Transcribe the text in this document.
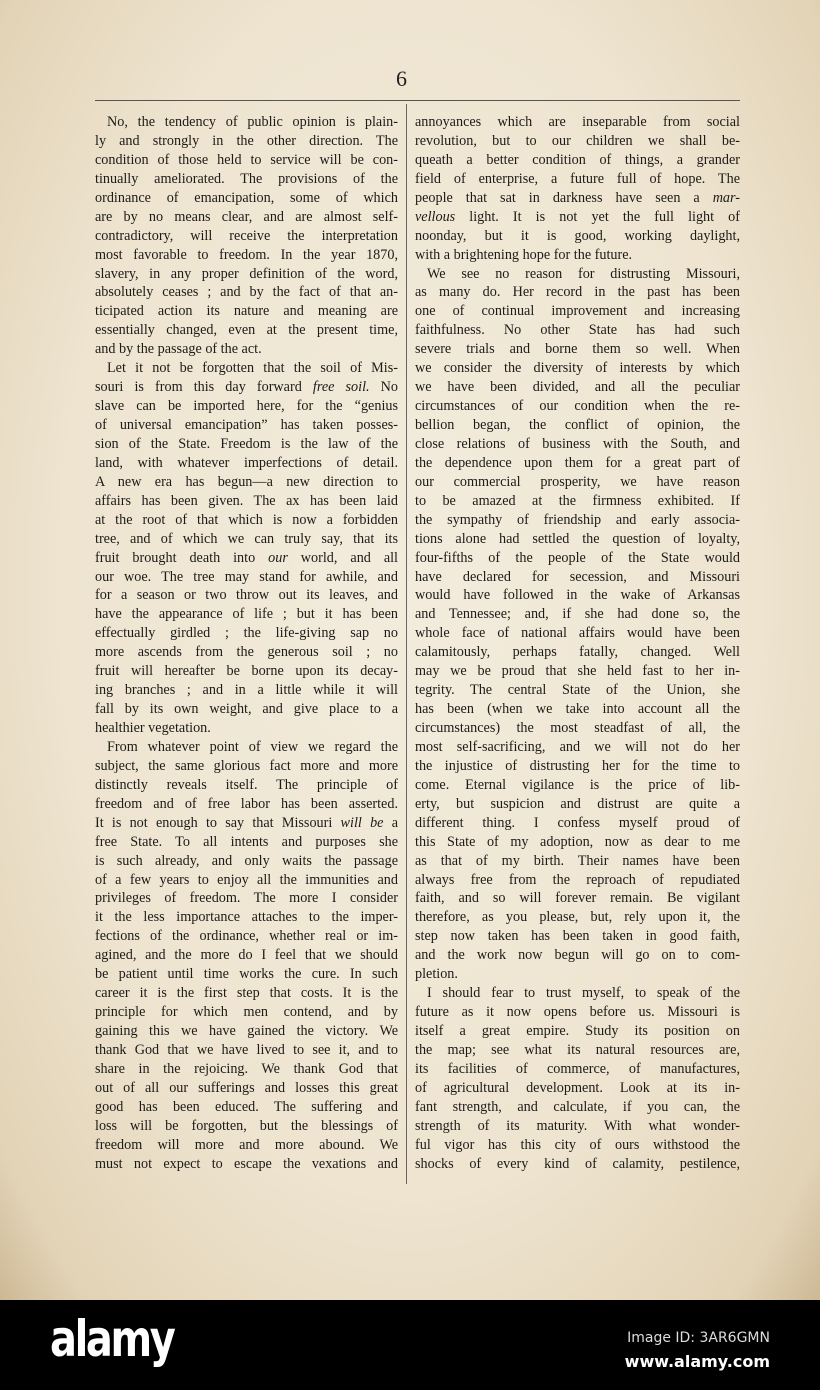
6
No, the tendency of public opinion is plain-
ly and strongly in the other direction. The
condition of those held to service will be con-
tinually ameliorated. The provisions of the
ordinance of emancipation, some of which
are by no means clear, and are almost self-
contradictory, will receive the interpretation
most favorable to freedom. In the year 1870,
slavery, in any proper definition of the word,
absolutely ceases ; and by the fact of that an-
ticipated action its nature and meaning are
essentially changed, even at the present time,
and by the passage of the act.
Let it not be forgotten that the soil of Mis-
souri is from this day forward free soil. No
slave can be imported here, for the “genius
of universal emancipation” has taken posses-
sion of the State. Freedom is the law of the
land, with whatever imperfections of detail.
A new era has begun—a new direction to
affairs has been given. The ax has been laid
at the root of that which is now a forbidden
tree, and of which we can truly say, that its
fruit brought death into our world, and all
our woe. The tree may stand for awhile, and
for a season or two throw out its leaves, and
have the appearance of life ; but it has been
effectually girdled ; the life-giving sap no
more ascends from the generous soil ; no
fruit will hereafter be borne upon its decay-
ing branches ; and in a little while it will
fall by its own weight, and give place to a
healthier vegetation.
From whatever point of view we regard the
subject, the same glorious fact more and more
distinctly reveals itself. The principle of
freedom and of free labor has been asserted.
It is not enough to say that Missouri will be a
free State. To all intents and purposes she
is such already, and only waits the passage
of a few years to enjoy all the immunities and
privileges of freedom. The more I consider
it the less importance attaches to the imper-
fections of the ordinance, whether real or im-
agined, and the more do I feel that we should
be patient until time works the cure. In such
career it is the first step that costs. It is the
principle for which men contend, and by
gaining this we have gained the victory. We
thank God that we have lived to see it, and to
share in the rejoicing. We thank God that
out of all our sufferings and losses this great
good has been educed. The suffering and
loss will be forgotten, but the blessings of
freedom will more and more abound. We
must not expect to escape the vexations and
annoyances which are inseparable from social
revolution, but to our children we shall be-
queath a better condition of things, a grander
field of enterprise, a future full of hope. The
people that sat in darkness have seen a mar-
vellous light. It is not yet the full light of
noonday, but it is good, working daylight,
with a brightening hope for the future.
We see no reason for distrusting Missouri,
as many do. Her record in the past has been
one of continual improvement and increasing
faithfulness. No other State has had such
severe trials and borne them so well. When
we consider the diversity of interests by which
we have been divided, and all the peculiar
circumstances of our condition when the re-
bellion began, the conflict of opinion, the
close relations of business with the South, and
the dependence upon them for a great part of
our commercial prosperity, we have reason
to be amazed at the firmness exhibited. If
the sympathy of friendship and early associa-
tions alone had settled the question of loyalty,
four-fifths of the people of the State would
have declared for secession, and Missouri
would have followed in the wake of Arkansas
and Tennessee; and, if she had done so, the
whole face of national affairs would have been
calamitously, perhaps fatally, changed. Well
may we be proud that she held fast to her in-
tegrity. The central State of the Union, she
has been (when we take into account all the
circumstances) the most steadfast of all, the
most self-sacrificing, and we will not do her
the injustice of distrusting her for the time to
come. Eternal vigilance is the price of lib-
erty, but suspicion and distrust are quite a
different thing. I confess myself proud of
this State of my adoption, now as dear to me
as that of my birth. Their names have been
always free from the reproach of repudiated
faith, and so will forever remain. Be vigilant
therefore, as you please, but, rely upon it, the
step now taken has been taken in good faith,
and the work now begun will go on to com-
pletion.
I should fear to trust myself, to speak of the
future as it now opens before us. Missouri is
itself a great empire. Study its position on
the map; see what its natural resources are,
its facilities of commerce, of manufactures,
of agricultural development. Look at its in-
fant strength, and calculate, if you can, the
strength of its maturity. With what wonder-
ful vigor has this city of ours withstood the
shocks of every kind of calamity, pestilence,
alamy	Image ID: 3AR6GMN
www.alamy.com
